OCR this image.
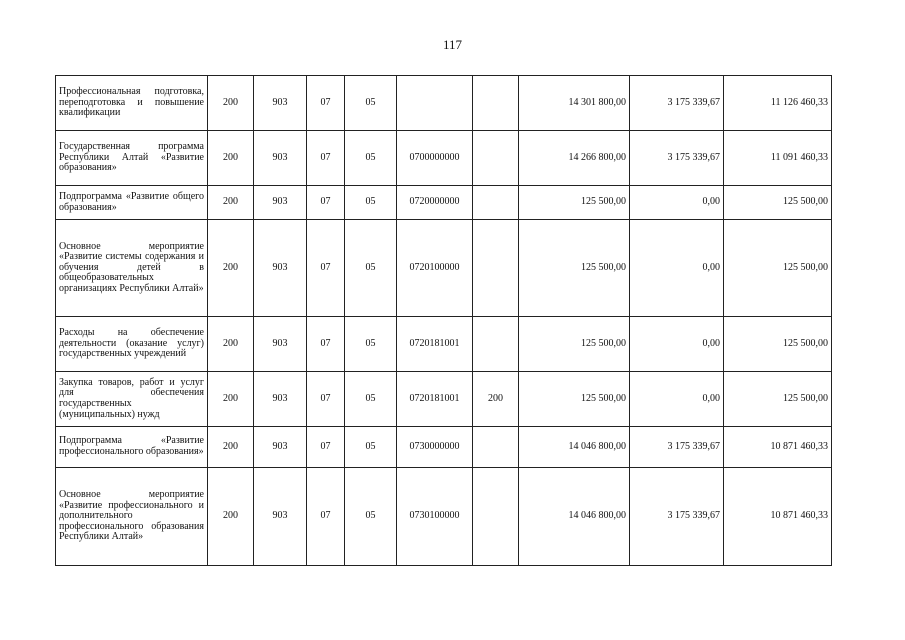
117
Профессиональная подготовка, переподготовка и повышение квалификации	200	903	07	05			14 301 800,00	3 175 339,67	11 126 460,33
Государственная программа Республики Алтай «Развитие образования»	200	903	07	05	0700000000		14 266 800,00	3 175 339,67	11 091 460,33
Подпрограмма «Развитие общего образования»	200	903	07	05	0720000000		125 500,00	0,00	125 500,00
Основное мероприятие «Развитие системы содержания и обучения детей в общеобразовательных организациях Республики Алтай»	200	903	07	05	0720100000		125 500,00	0,00	125 500,00
Расходы на обеспечение деятельности (оказание услуг) государственных учреждений	200	903	07	05	0720181001		125 500,00	0,00	125 500,00
Закупка товаров, работ и услуг для обеспечения государственных (муниципальных) нужд	200	903	07	05	0720181001	200	125 500,00	0,00	125 500,00
Подпрограмма «Развитие профессионального образования»	200	903	07	05	0730000000		14 046 800,00	3 175 339,67	10 871 460,33
Основное мероприятие «Развитие профессионального и дополнительного профессионального образования Республики Алтай»	200	903	07	05	0730100000		14 046 800,00	3 175 339,67	10 871 460,33
